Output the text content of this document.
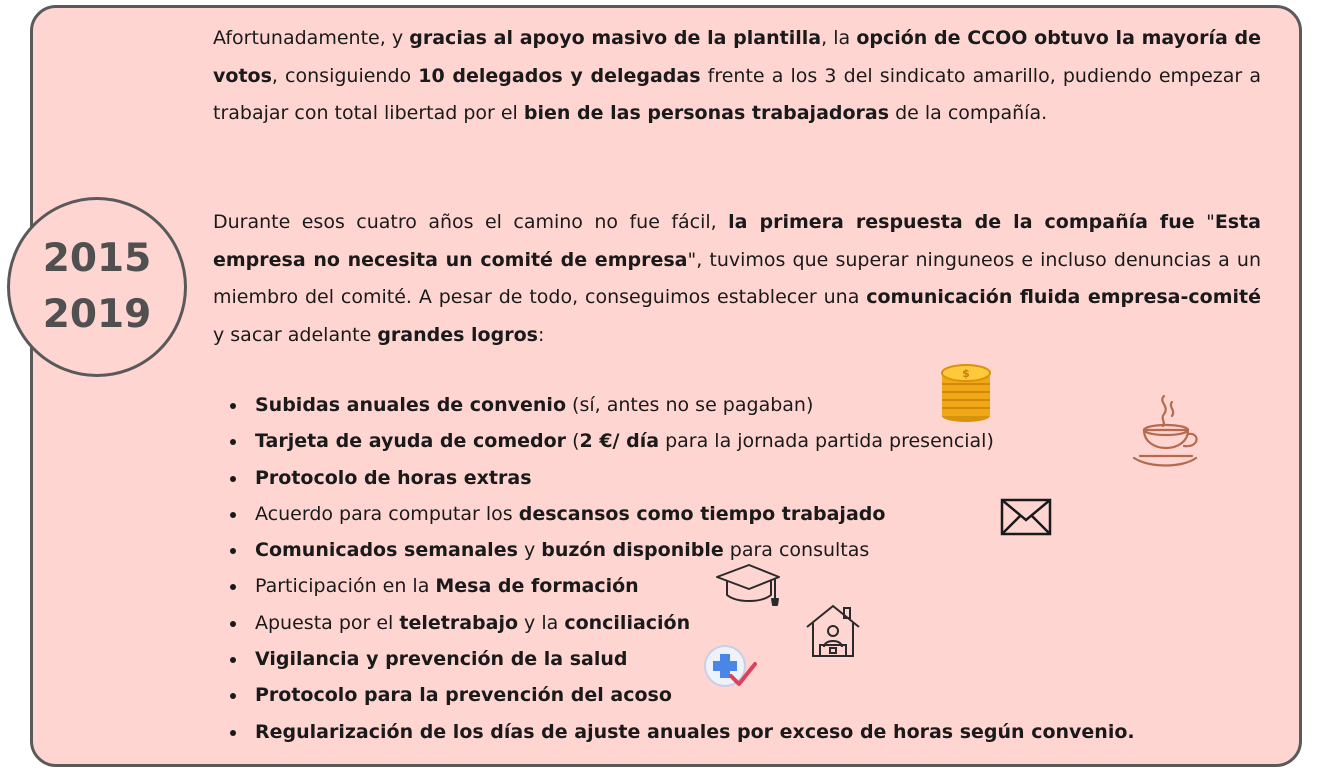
2015
2019
Afortunadamente, y gracias al apoyo masivo de la plantilla, la opción de CCOO obtuvo la mayoría de votos, consiguiendo 10 delegados y delegadas frente a los 3 del sindicato amarillo, pudiendo empezar a trabajar con total libertad por el bien de las personas trabajadoras de la compañía.
Durante esos cuatro años el camino no fue fácil, la primera respuesta de la compañía fue "Esta empresa no necesita un comité de empresa", tuvimos que superar ninguneos e incluso denuncias a un miembro del comité. A pesar de todo, conseguimos establecer una comunicación fluida empresa-comité y sacar adelante grandes logros:
Subidas anuales de convenio (sí, antes no se pagaban)
Tarjeta de ayuda de comedor (2 €/ día para la jornada partida presencial)
Protocolo de horas extras
Acuerdo para computar los descansos como tiempo trabajado
Comunicados semanales y buzón disponible para consultas
Participación en la Mesa de formación
Apuesta por el teletrabajo y la conciliación
Vigilancia y prevención de la salud
Protocolo para la prevención del acoso
Regularización de los días de ajuste anuales por exceso de horas según convenio.
$
